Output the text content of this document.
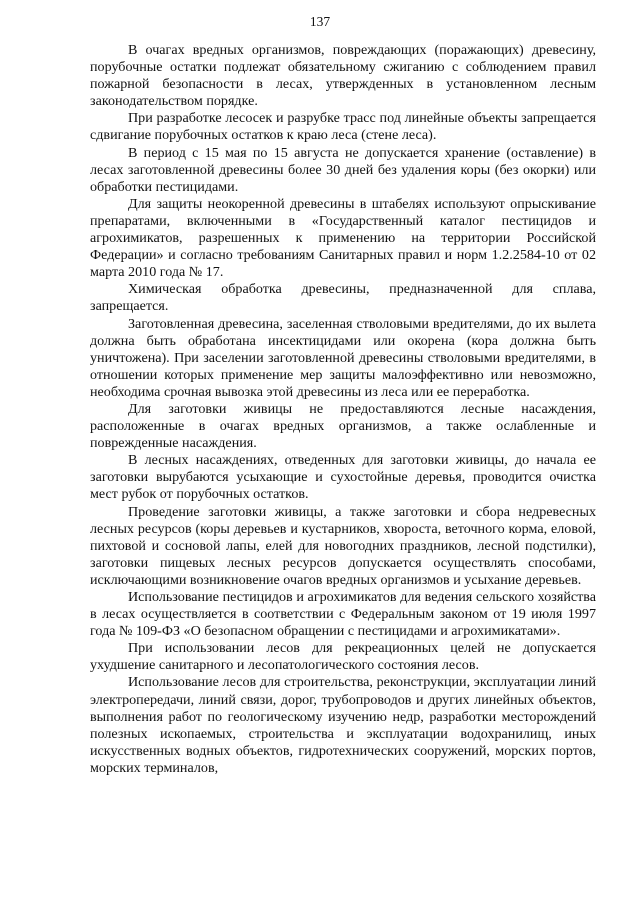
137

В очагах вредных организмов, повреждающих (поражающих) древесину, порубочные остатки подлежат обязательному сжиганию с соблюдением правил пожарной безопасности в лесах, утвержденных в установленном лесным законодательством порядке.

При разработке лесосек и разрубке трасс под линейные объекты запрещается сдвигание порубочных остатков к краю леса (стене леса).

В период с 15 мая по 15 августа не допускается хранение (оставление) в лесах заготовленной древесины более 30 дней без удаления коры (без окорки) или обработки пестицидами.

Для защиты неокоренной древесины в штабелях используют опрыскивание препаратами, включенными в «Государственный каталог пестицидов и агрохимикатов, разрешенных к применению на территории Российской Федерации» и согласно требованиям Санитарных правил и норм 1.2.2584-10 от 02 марта 2010 года № 17.

Химическая обработка древесины, предназначенной для сплава, запрещается.

Заготовленная древесина, заселенная стволовыми вредителями, до их вылета должна быть обработана инсектицидами или окорена (кора должна быть уничтожена). При заселении заготовленной древесины стволовыми вредителями, в отношении которых применение мер защиты малоэффективно или невозможно, необходима срочная вывозка этой древесины из леса или ее переработка.

Для заготовки живицы не предоставляются лесные насаждения, расположенные в очагах вредных организмов, а также ослабленные и поврежденные насаждения.

В лесных насаждениях, отведенных для заготовки живицы, до начала ее заготовки вырубаются усыхающие и сухостойные деревья, проводится очистка мест рубок от порубочных остатков.

Проведение заготовки живицы, а также заготовки и сбора недревесных лесных ресурсов (коры деревьев и кустарников, хвороста, веточного корма, еловой, пихтовой и сосновой лапы, елей для новогодних праздников, лесной подстилки), заготовки пищевых лесных ресурсов допускается осуществлять способами, исключающими возникновение очагов вредных организмов и усыхание деревьев.

Использование пестицидов и агрохимикатов для ведения сельского хозяйства в лесах осуществляется в соответствии с Федеральным законом от 19 июля 1997 года № 109-ФЗ «О безопасном обращении с пестицидами и агрохимикатами».

При использовании лесов для рекреационных целей не допускается ухудшение санитарного и лесопатологического состояния лесов.

Использование лесов для строительства, реконструкции, эксплуатации линий электропередачи, линий связи, дорог, трубопроводов и других линейных объектов, выполнения работ по геологическому изучению недр, разработки месторождений полезных ископаемых, строительства и эксплуатации водохранилищ, иных искусственных водных объектов, гидротехнических сооружений, морских портов, морских терминалов,
